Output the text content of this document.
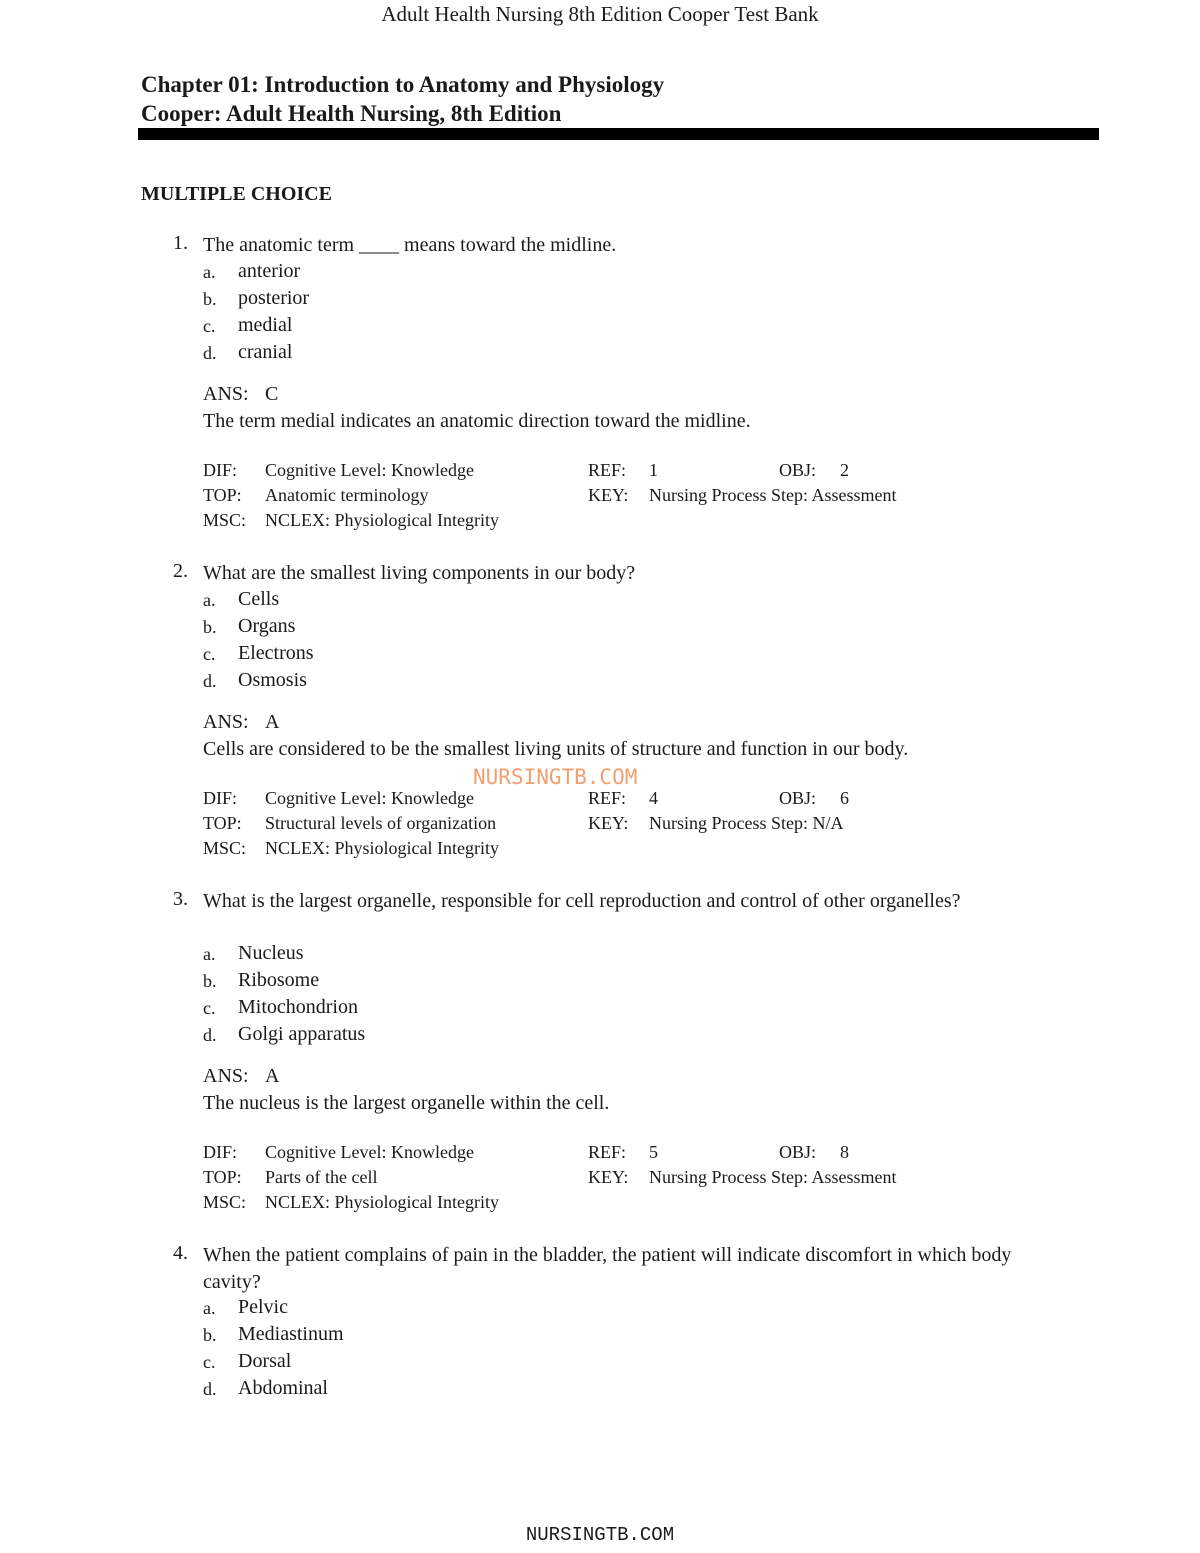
Adult Health Nursing 8th Edition Cooper Test Bank
Chapter 01: Introduction to Anatomy and Physiology
Cooper: Adult Health Nursing, 8th Edition
MULTIPLE CHOICE
1. The anatomic term ____ means toward the midline.
a. anterior
b. posterior
c. medial
d. cranial
ANS: C
The term medial indicates an anatomic direction toward the midline.
DIF: Cognitive Level: Knowledge	REF: 1	OBJ: 2
TOP: Anatomic terminology	KEY: Nursing Process Step: Assessment
MSC: NCLEX: Physiological Integrity
2. What are the smallest living components in our body?
a. Cells
b. Organs
c. Electrons
d. Osmosis
ANS: A
Cells are considered to be the smallest living units of structure and function in our body.
DIF: Cognitive Level: Knowledge	REF: 4	OBJ: 6
TOP: Structural levels of organization	KEY: Nursing Process Step: N/A
MSC: NCLEX: Physiological Integrity
NURSINGTB.COM
3. What is the largest organelle, responsible for cell reproduction and control of other organelles?
a. Nucleus
b. Ribosome
c. Mitochondrion
d. Golgi apparatus
ANS: A
The nucleus is the largest organelle within the cell.
DIF: Cognitive Level: Knowledge	REF: 5	OBJ: 8
TOP: Parts of the cell	KEY: Nursing Process Step: Assessment
MSC: NCLEX: Physiological Integrity
4. When the patient complains of pain in the bladder, the patient will indicate discomfort in which body cavity?
a. Pelvic
b. Mediastinum
c. Dorsal
d. Abdominal
NURSINGTB.COM
